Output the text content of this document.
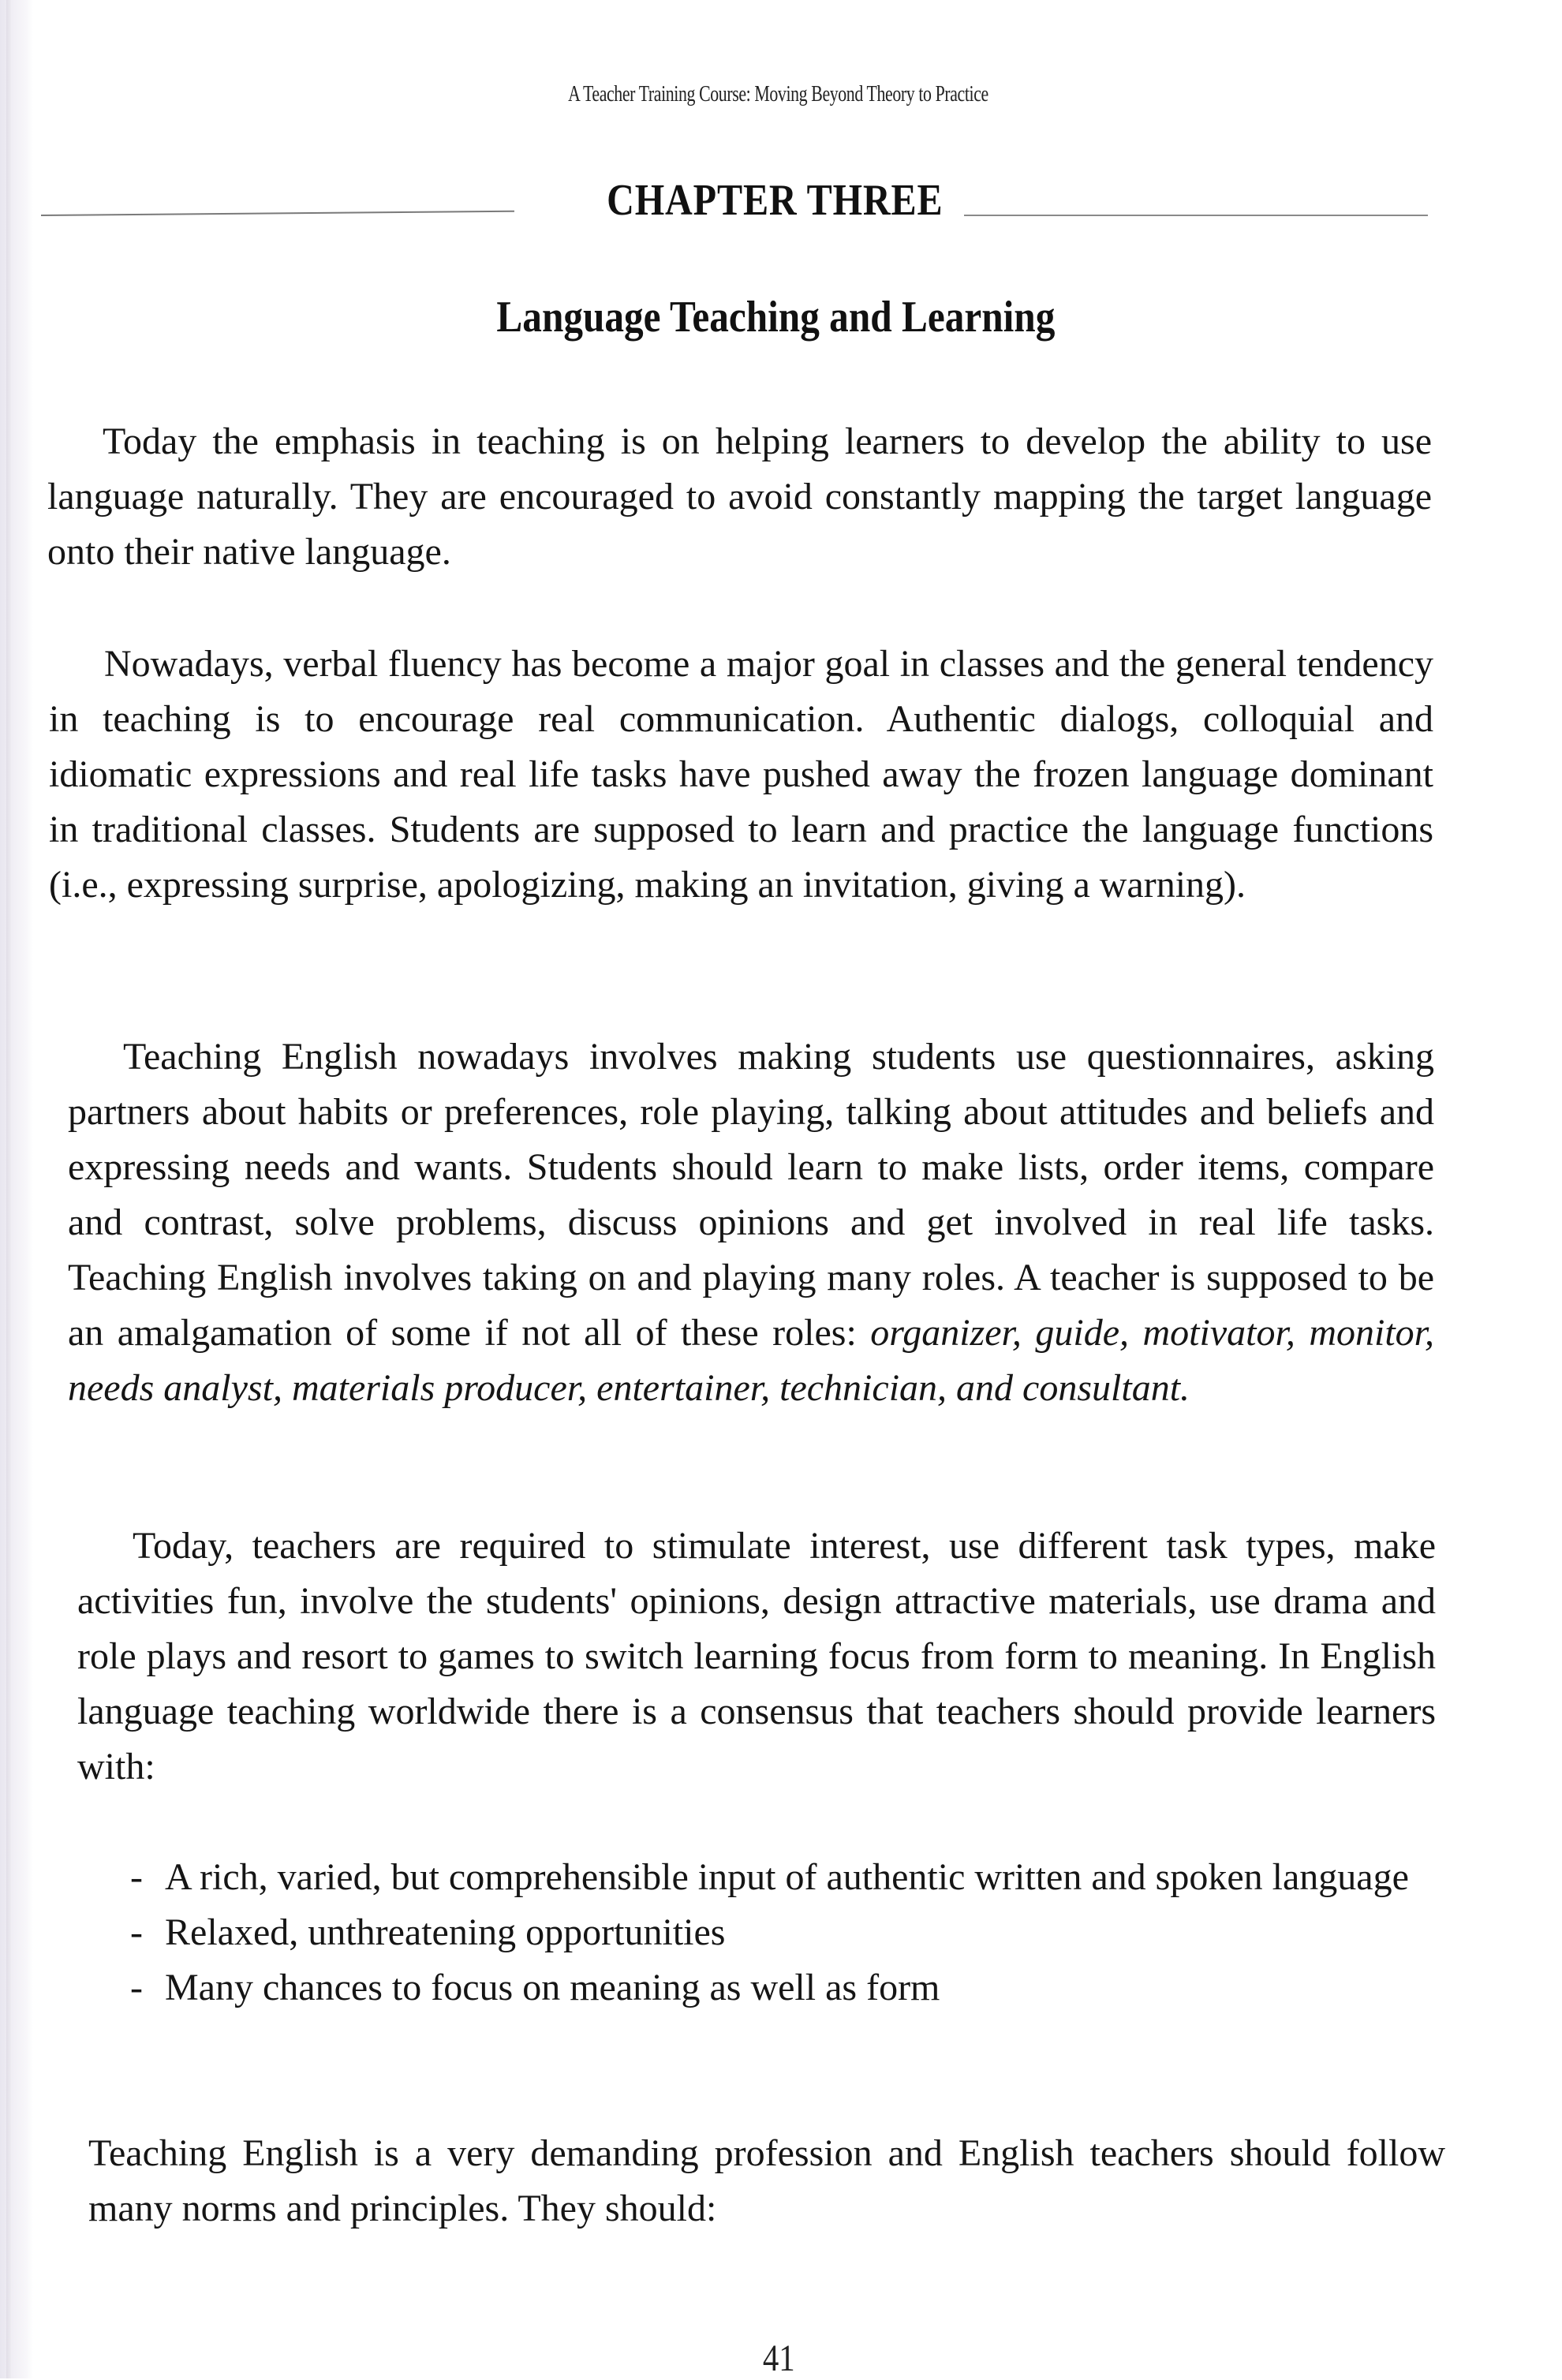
A Teacher Training Course: Moving Beyond Theory to Practice
CHAPTER THREE
Language Teaching and Learning

Today the emphasis in teaching is on helping learners to develop the ability to use language naturally. They are encouraged to avoid constantly mapping the target language onto their native language.

Nowadays, verbal fluency has become a major goal in classes and the general tendency in teaching is to encourage real communication. Authentic dialogs, colloquial and idiomatic expressions and real life tasks have pushed away the frozen language dominant in traditional classes. Students are supposed to learn and practice the language functions (i.e., expressing surprise, apologizing, making an invitation, giving a warning).

Teaching English nowadays involves making students use questionnaires, asking partners about habits or preferences, role playing, talking about attitudes and beliefs and expressing needs and wants. Students should learn to make lists, order items, compare and contrast, solve problems, discuss opinions and get involved in real life tasks. Teaching English involves taking on and playing many roles. A teacher is supposed to be an amalgamation of some if not all of these roles: organizer, guide, motivator, monitor, needs analyst, materials producer, entertainer, technician, and consultant.

Today, teachers are required to stimulate interest, use different task types, make activities fun, involve the students' opinions, design attractive materials, use drama and role plays and resort to games to switch learning focus from form to meaning. In English language teaching worldwide there is a consensus that teachers should provide learners with:

- A rich, varied, but comprehensible input of authentic written and spoken language
- Relaxed, unthreatening opportunities
- Many chances to focus on meaning as well as form

Teaching English is a very demanding profession and English teachers should follow many norms and principles. They should:

41
